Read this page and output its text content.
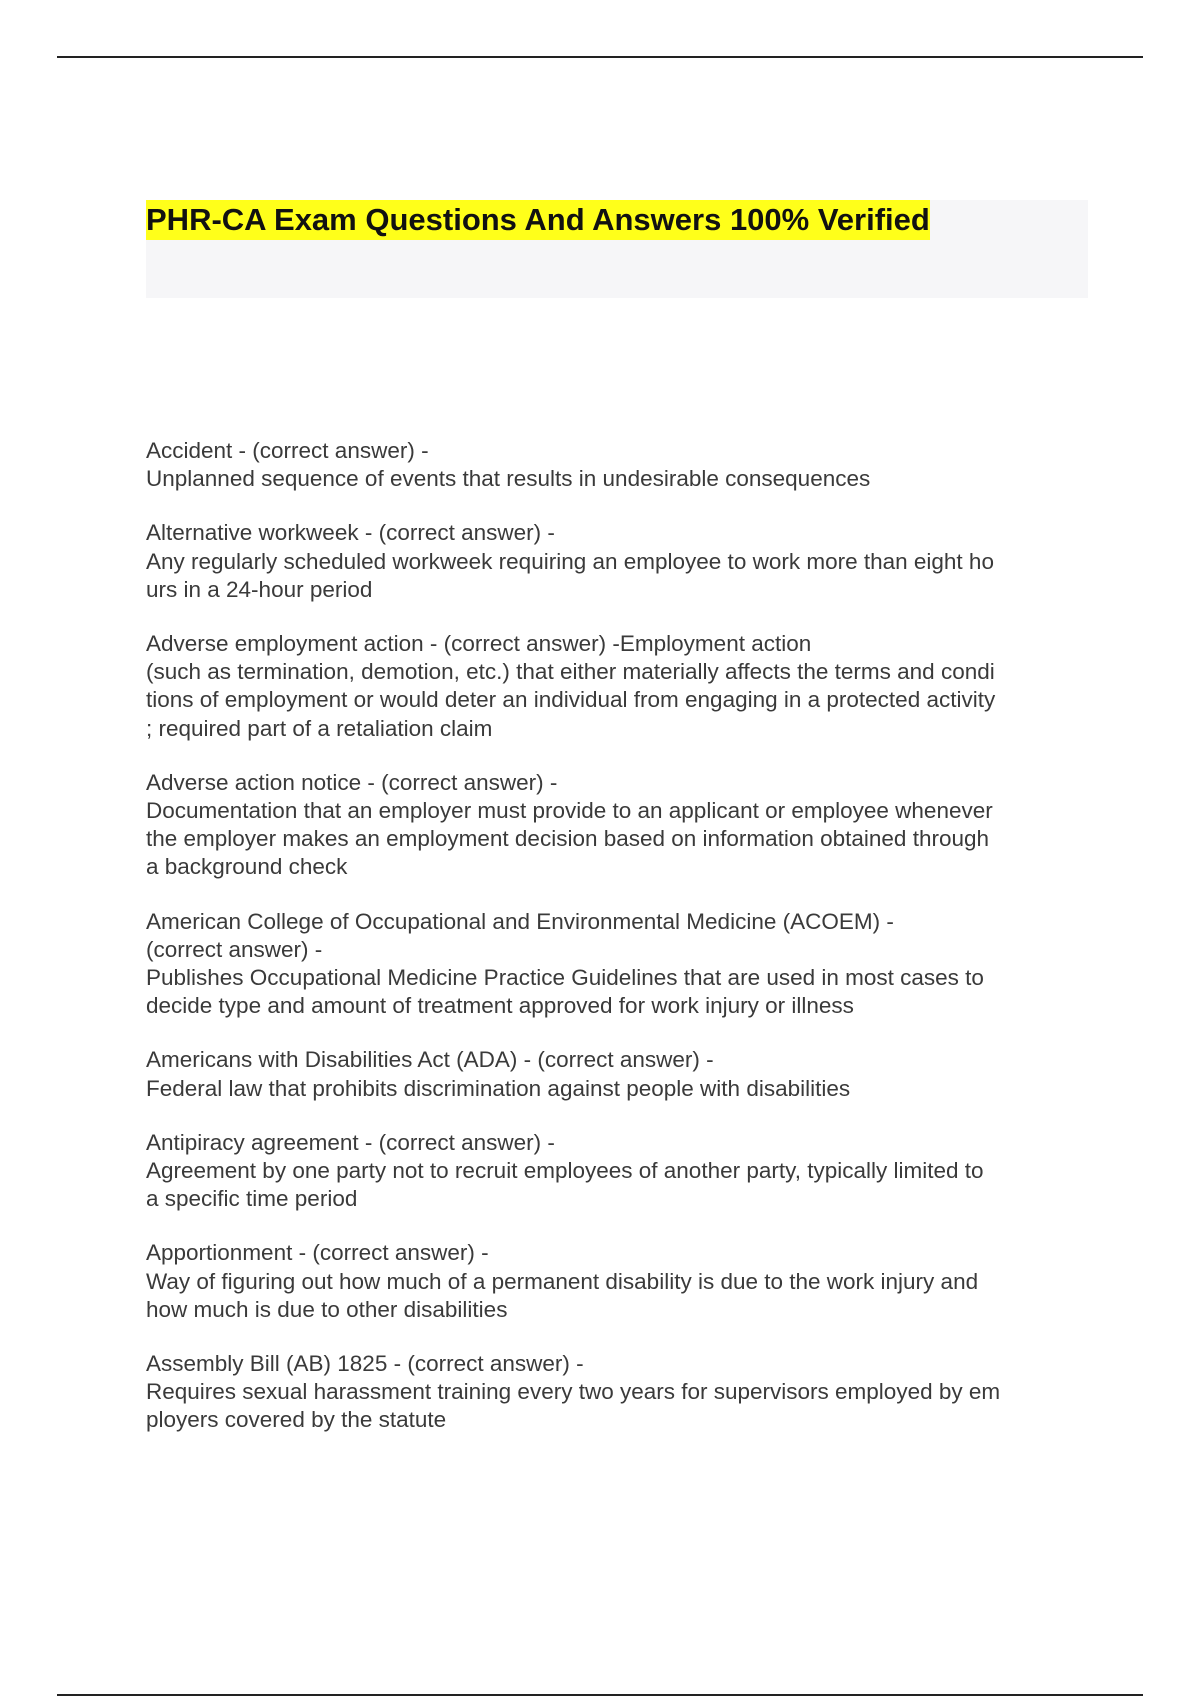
PHR-CA Exam Questions And Answers 100% Verified
Accident - (correct answer) -
Unplanned sequence of events that results in undesirable consequences
Alternative workweek - (correct answer) -
Any regularly scheduled workweek requiring an employee to work more than eight ho
urs in a 24-hour period
Adverse employment action - (correct answer) -Employment action
(such as termination, demotion, etc.) that either materially affects the terms and condi
tions of employment or would deter an individual from engaging in a protected activity
; required part of a retaliation claim
Adverse action notice - (correct answer) -
Documentation that an employer must provide to an applicant or employee whenever
the employer makes an employment decision based on information obtained through
a background check
American College of Occupational and Environmental Medicine (ACOEM) -
(correct answer) -
Publishes Occupational Medicine Practice Guidelines that are used in most cases to
decide type and amount of treatment approved for work injury or illness
Americans with Disabilities Act (ADA) - (correct answer) -
Federal law that prohibits discrimination against people with disabilities
Antipiracy agreement - (correct answer) -
Agreement by one party not to recruit employees of another party, typically limited to
a specific time period
Apportionment - (correct answer) -
Way of figuring out how much of a permanent disability is due to the work injury and
how much is due to other disabilities
Assembly Bill (AB) 1825 - (correct answer) -
Requires sexual harassment training every two years for supervisors employed by em
ployers covered by the statute
